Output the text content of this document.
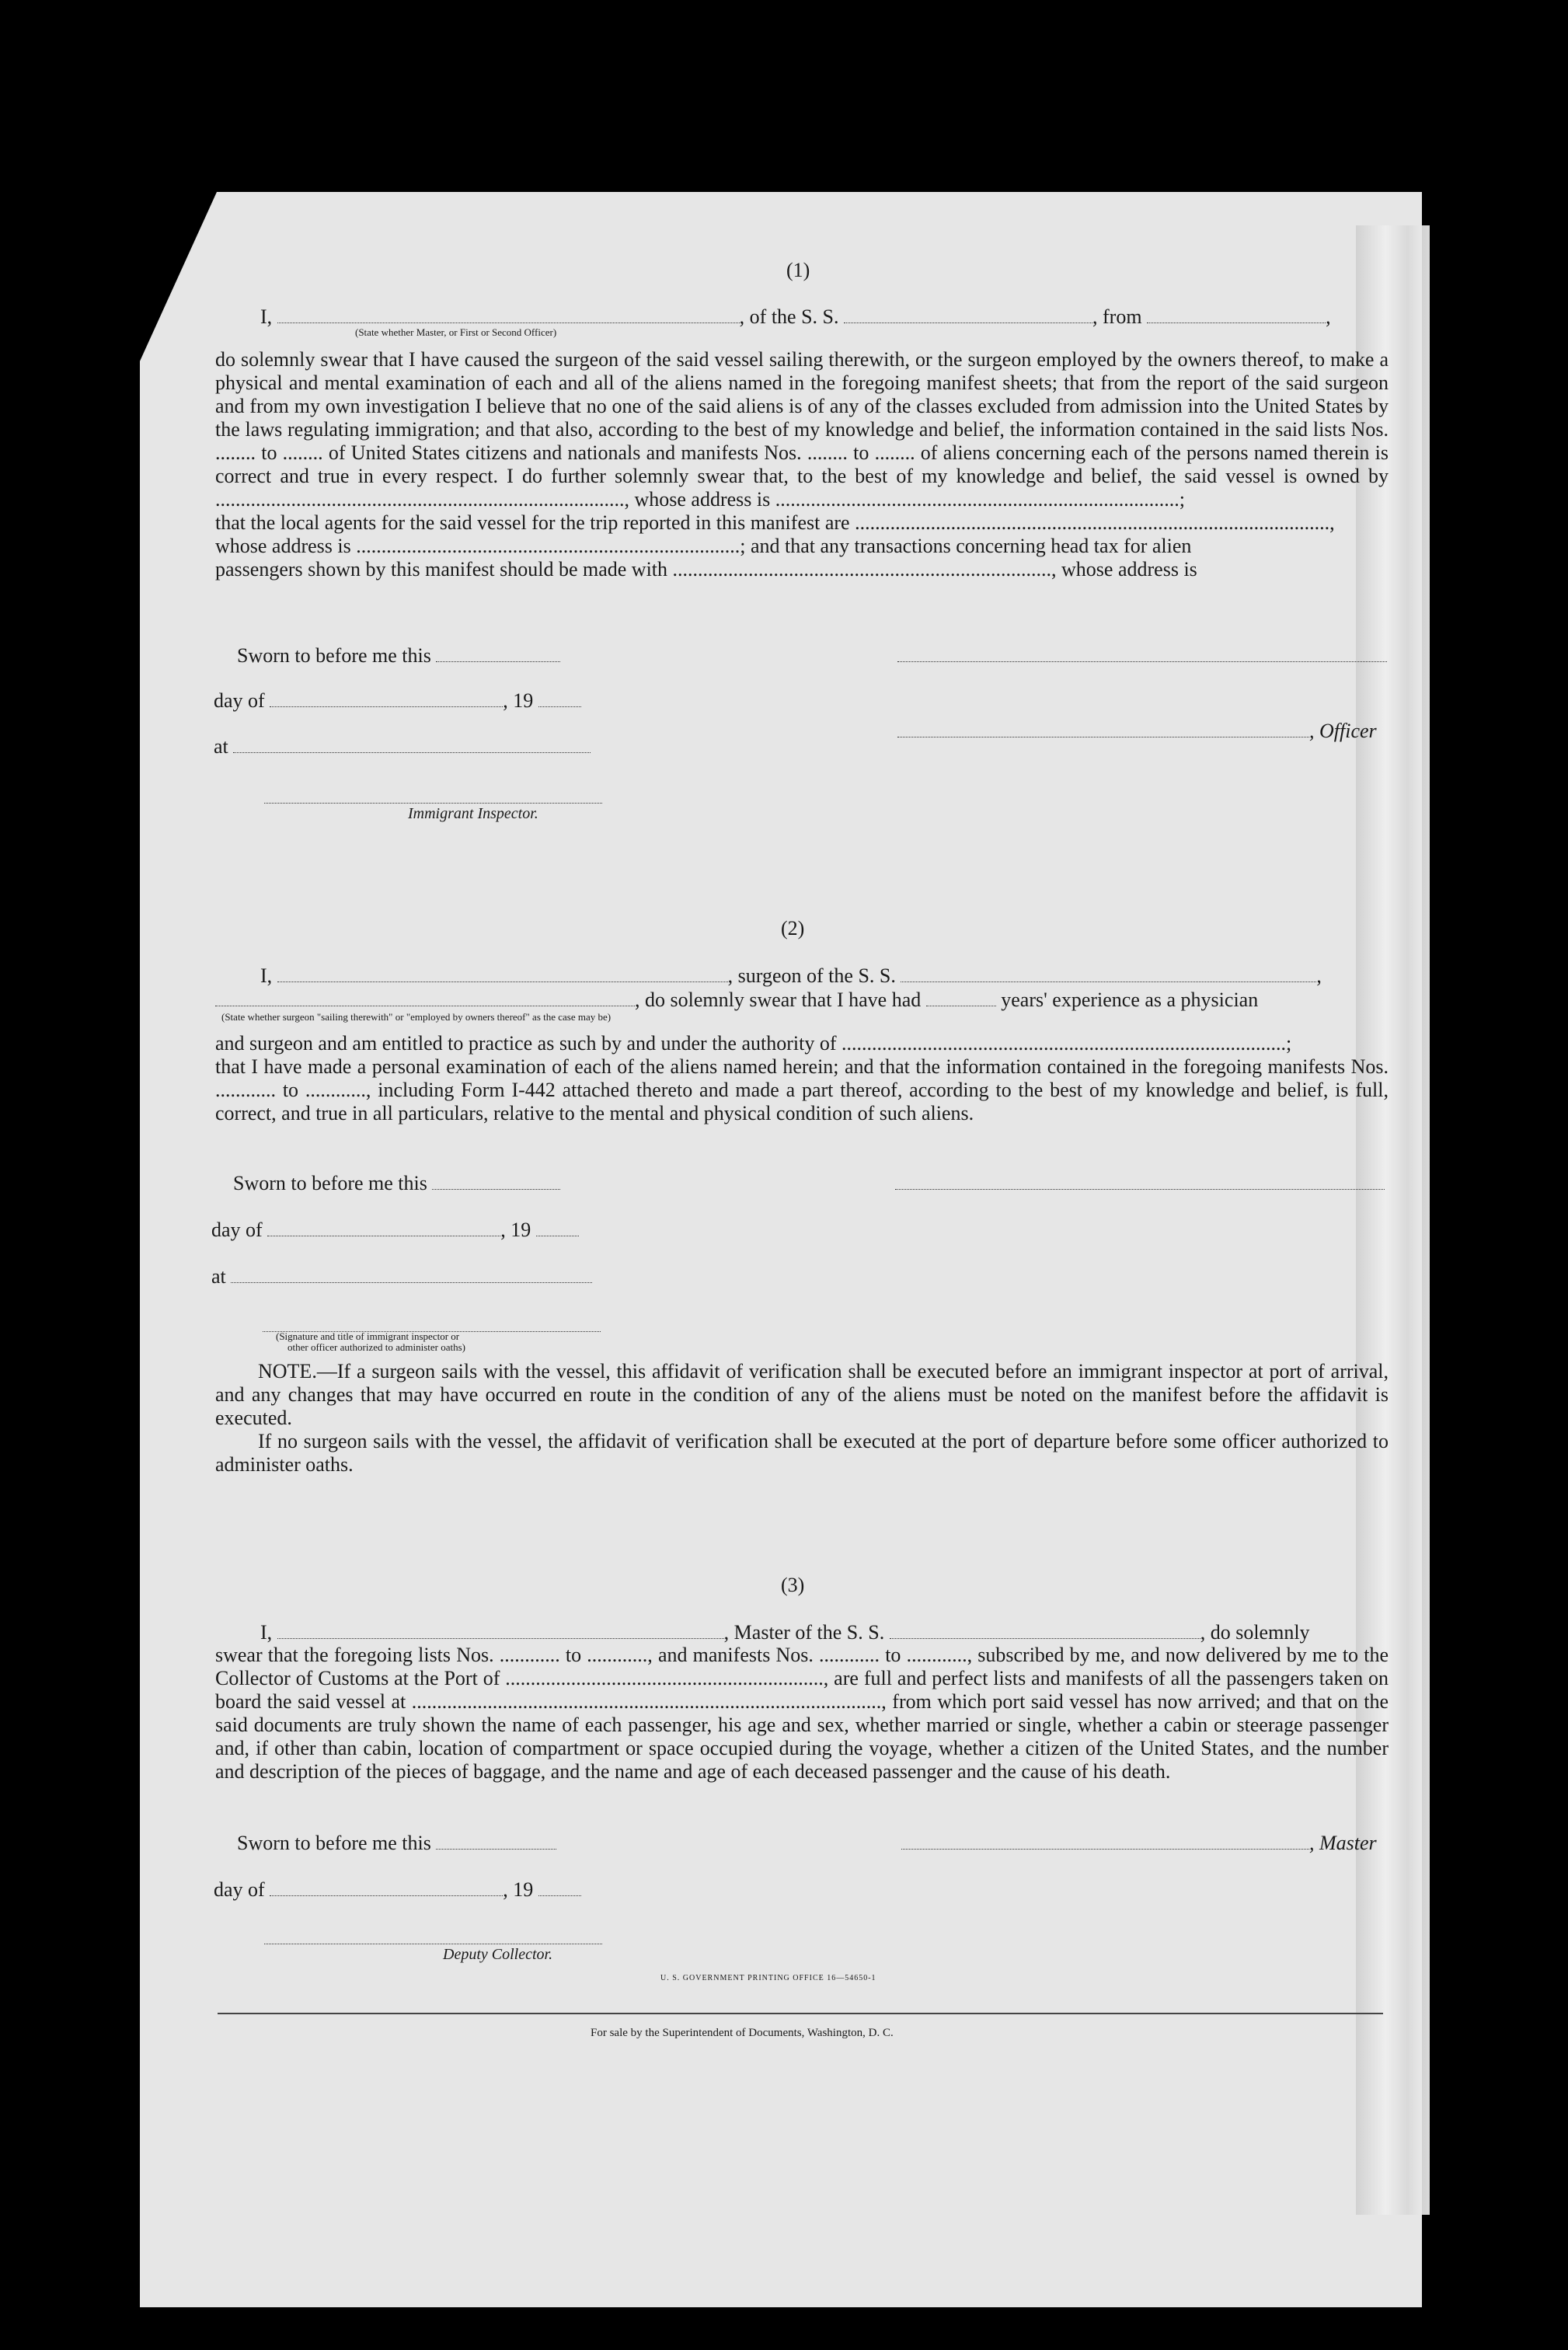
(1)
I,	, of the S. S.	, from	,
(State whether Master, or First or Second Officer)

do solemnly swear that I have caused the surgeon of the said vessel sailing therewith, or the surgeon employed by the owners thereof, to make a physical and mental examination of each and all of the aliens named in the foregoing manifest sheets; that from the report of the said surgeon and from my own investigation I believe that no one of the said aliens is of any of the classes excluded from admission into the United States by the laws regulating immigration; and that also, according to the best of my knowledge and belief, the information contained in the said lists Nos. ........ to ........ of United States citizens and nationals and manifests Nos. ........ to ........ of aliens concerning each of the persons named therein is correct and true in every respect. I do further solemnly swear that, to the best of my knowledge and belief, the said vessel is owned by ................................................................................., whose address is ................................................................................;

that the local agents for the said vessel for the trip reported in this manifest are ..............................................................................................,

whose address is ............................................................................; and that any transactions concerning head tax for alien

passengers shown by this manifest should be made with ..........................................................................., whose address is

Sworn to before me this
day of	, 19
at
, Officer
Immigrant Inspector.
(2)
I,	, surgeon of the S. S.	,
, do solemnly swear that I have had	years' experience as a physician
(State whether surgeon "sailing therewith" or "employed by owners thereof" as the case may be)

and surgeon and am entitled to practice as such by and under the authority of ........................................................................................;

that I have made a personal examination of each of the aliens named herein; and that the information contained in the foregoing manifests Nos. ............ to ............, including Form I-442 attached thereto and made a part thereof, according to the best of my knowledge and belief, is full, correct, and true in all particulars, relative to the mental and physical condition of such aliens.

Sworn to before me this
day of	, 19
at
(Signature and title of immigrant inspector or
other officer authorized to administer oaths)

NOTE.—If a surgeon sails with the vessel, this affidavit of verification shall be executed before an immigrant inspector at port of arrival, and any changes that may have occurred en route in the condition of any of the aliens must be noted on the manifest before the affidavit is executed.

If no surgeon sails with the vessel, the affidavit of verification shall be executed at the port of departure before some officer authorized to administer oaths.

(3)
I,	, Master of the S. S.	, do solemnly
swear that the foregoing lists Nos. ............ to ............, and manifests Nos. ............ to ............, subscribed by me, and now delivered by me to the Collector of Customs at the Port of ..............................................................., are full and perfect lists and manifests of all the passengers taken on board the said vessel at ............................................................................................., from which port said vessel has now arrived; and that on the said documents are truly shown the name of each passenger, his age and sex, whether married or single, whether a cabin or steerage passenger and, if other than cabin, location of compartment or space occupied during the voyage, whether a citizen of the United States, and the number and description of the pieces of baggage, and the name and age of each deceased passenger and the cause of his death.
Sworn to before me this	, Master
day of	, 19
Deputy Collector.
U. S. GOVERNMENT PRINTING OFFICE 16—54650-1
For sale by the Superintendent of Documents, Washington, D. C.
